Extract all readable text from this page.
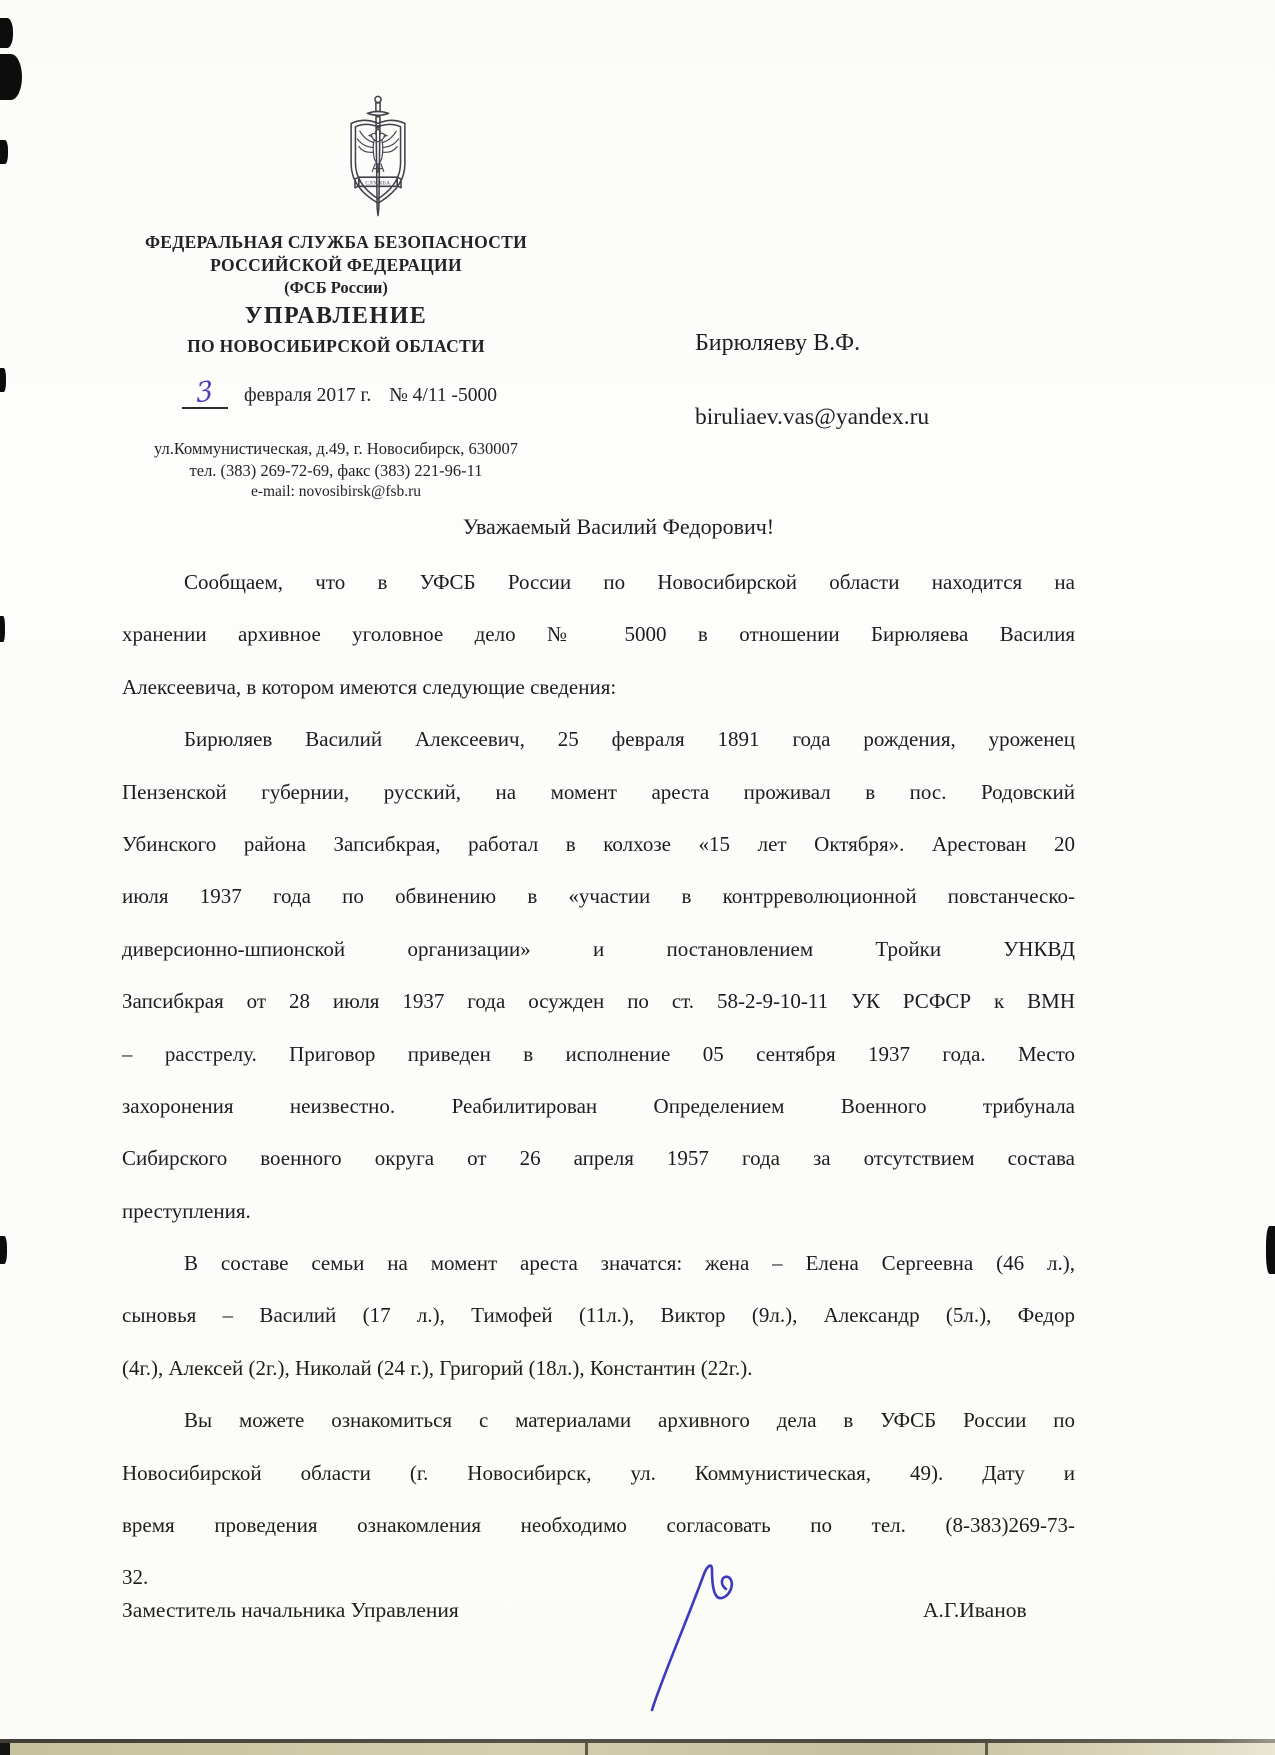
СЛУЖБА
ФЕДЕРАЛЬНАЯ СЛУЖБА БЕЗОПАСНОСТИ
РОССИЙСКОЙ ФЕДЕРАЦИИ
(ФСБ России)
УПРАВЛЕНИЕ
ПО НОВОСИБИРСКОЙ ОБЛАСТИ
3	февраля 2017 г. № 4/11 -5000
ул.Коммунистическая, д.49, г. Новосибирск, 630007
тел. (383) 269-72-69, факс (383) 221-96-11
e-mail: novosibirsk@fsb.ru
Бирюляеву В.Ф.
biruliaev.vas@yandex.ru
Уважаемый Василий Федорович!
Сообщаем, что в УФСБ России по Новосибирской области находится на
хранении архивное уголовное дело № 5000 в отношении Бирюляева Василия
Алексеевича, в котором имеются следующие сведения:
Бирюляев Василий Алексеевич, 25 февраля 1891 года рождения, уроженец
Пензенской губернии, русский, на момент ареста проживал в пос. Родовский
Убинского района Запсибкрая, работал в колхозе «15 лет Октября». Арестован 20
июля 1937 года по обвинению в «участии в контрреволюционной повстанческо-
диверсионно-шпионской организации» и постановлением Тройки УНКВД
Запсибкрая от 28 июля 1937 года осужден по ст. 58-2-9-10-11 УК РСФСР к ВМН
– расстрелу. Приговор приведен в исполнение 05 сентября 1937 года. Место
захоронения неизвестно. Реабилитирован Определением Военного трибунала
Сибирского военного округа от 26 апреля 1957 года за отсутствием состава
преступления.
В составе семьи на момент ареста значатся: жена – Елена Сергеевна (46 л.),
сыновья – Василий (17 л.), Тимофей (11л.), Виктор (9л.), Александр (5л.), Федор
(4г.), Алексей (2г.), Николай (24 г.), Григорий (18л.), Константин (22г.).
Вы можете ознакомиться с материалами архивного дела в УФСБ России по
Новосибирской области (г. Новосибирск, ул. Коммунистическая, 49). Дату и
время проведения ознакомления необходимо согласовать по тел. (8-383)269-73-
32.
Заместитель начальника Управления	А.Г.Иванов
